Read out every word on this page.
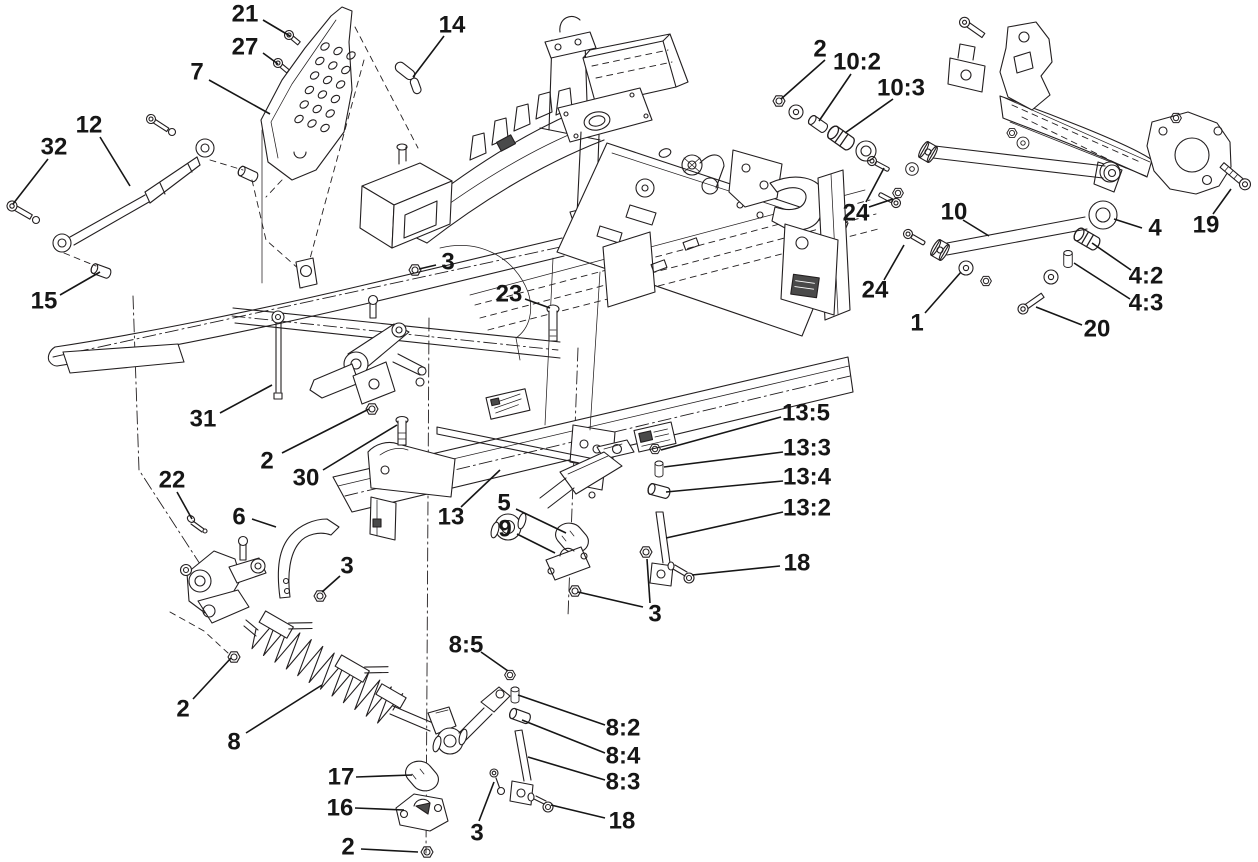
21
27
7
14
12
32
15
3
23
31
2
30
22
6
3
2
8
13
5
9
13:5
13:3
13:4
13:2
18
3
8:5
8:2
8:4
8:3
17
16
2
3	18
2 10:2
10:3
24	10
4 19
4:2
4:3
1	20
24
